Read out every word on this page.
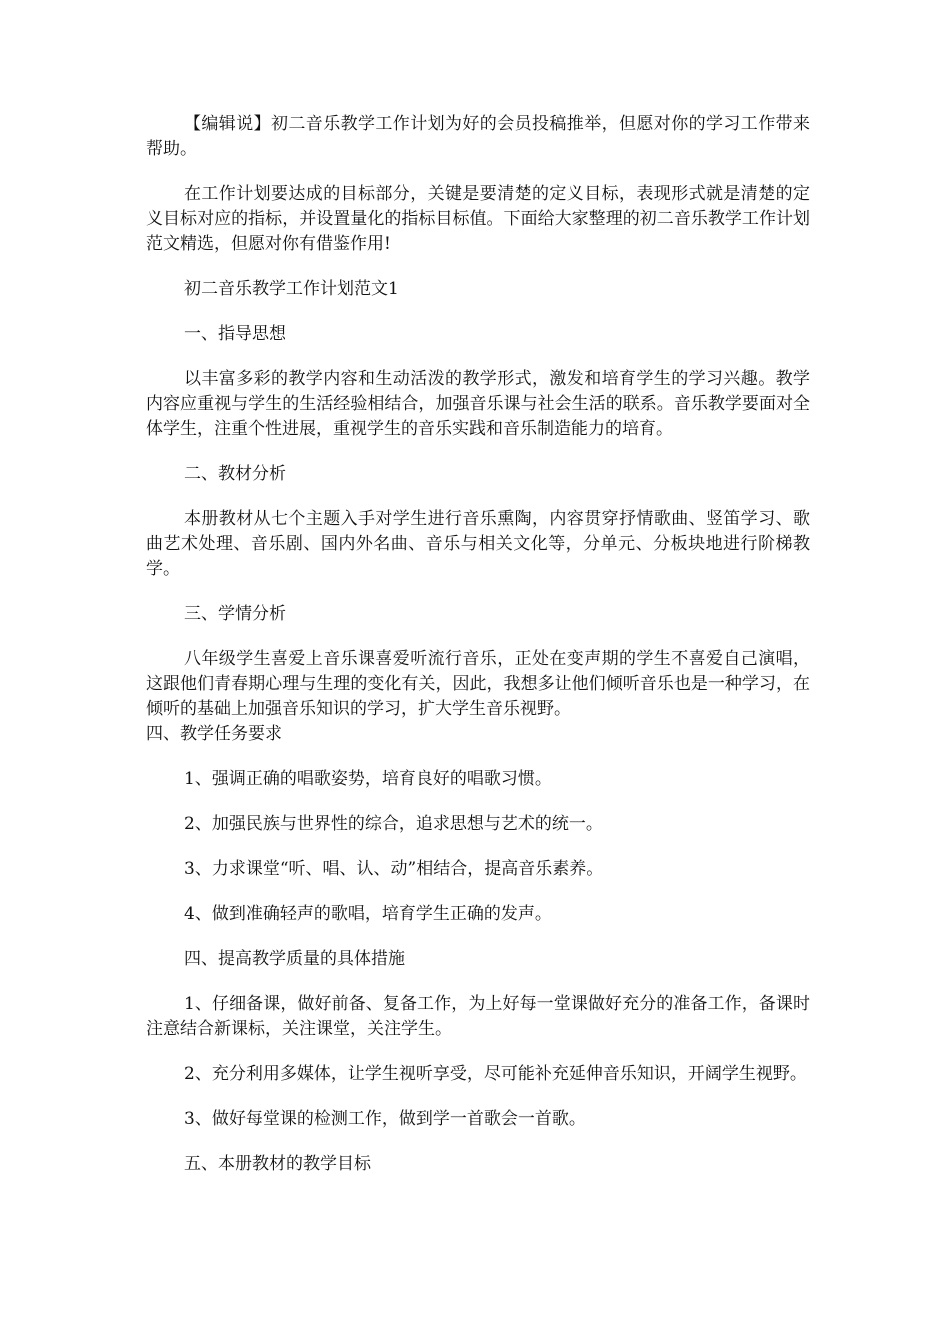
【编辑说】初二音乐教学工作计划为好的会员投稿推举，但愿对你的学习工作带来帮助。

在工作计划要达成的目标部分，关键是要清楚的定义目标，表现形式就是清楚的定义目标对应的指标，并设置量化的指标目标值。下面给大家整理的初二音乐教学工作计划范文精选，但愿对你有借鉴作用!

初二音乐教学工作计划范文1

一、指导思想

以丰富多彩的教学内容和生动活泼的教学形式，激发和培育学生的学习兴趣。教学内容应重视与学生的生活经验相结合，加强音乐课与社会生活的联系。音乐教学要面对全体学生，注重个性进展，重视学生的音乐实践和音乐制造能力的培育。

二、教材分析

本册教材从七个主题入手对学生进行音乐熏陶，内容贯穿抒情歌曲、竖笛学习、歌曲艺术处理、音乐剧、国内外名曲、音乐与相关文化等，分单元、分板块地进行阶梯教学。

三、学情分析

八年级学生喜爱上音乐课喜爱听流行音乐，正处在变声期的学生不喜爱自己演唱，这跟他们青春期心理与生理的变化有关，因此，我想多让他们倾听音乐也是一种学习，在倾听的基础上加强音乐知识的学习，扩大学生音乐视野。

四、教学任务要求

1、强调正确的唱歌姿势，培育良好的唱歌习惯。

2、加强民族与世界性的综合，追求思想与艺术的统一。

3、力求课堂“听、唱、认、动”相结合，提高音乐素养。

4、做到准确轻声的歌唱，培育学生正确的发声。

四、提高教学质量的具体措施

1、仔细备课，做好前备、复备工作，为上好每一堂课做好充分的准备工作，备课时注意结合新课标，关注课堂，关注学生。

2、充分利用多媒体，让学生视听享受，尽可能补充延伸音乐知识，开阔学生视野。

3、做好每堂课的检测工作，做到学一首歌会一首歌。

五、本册教材的教学目标
